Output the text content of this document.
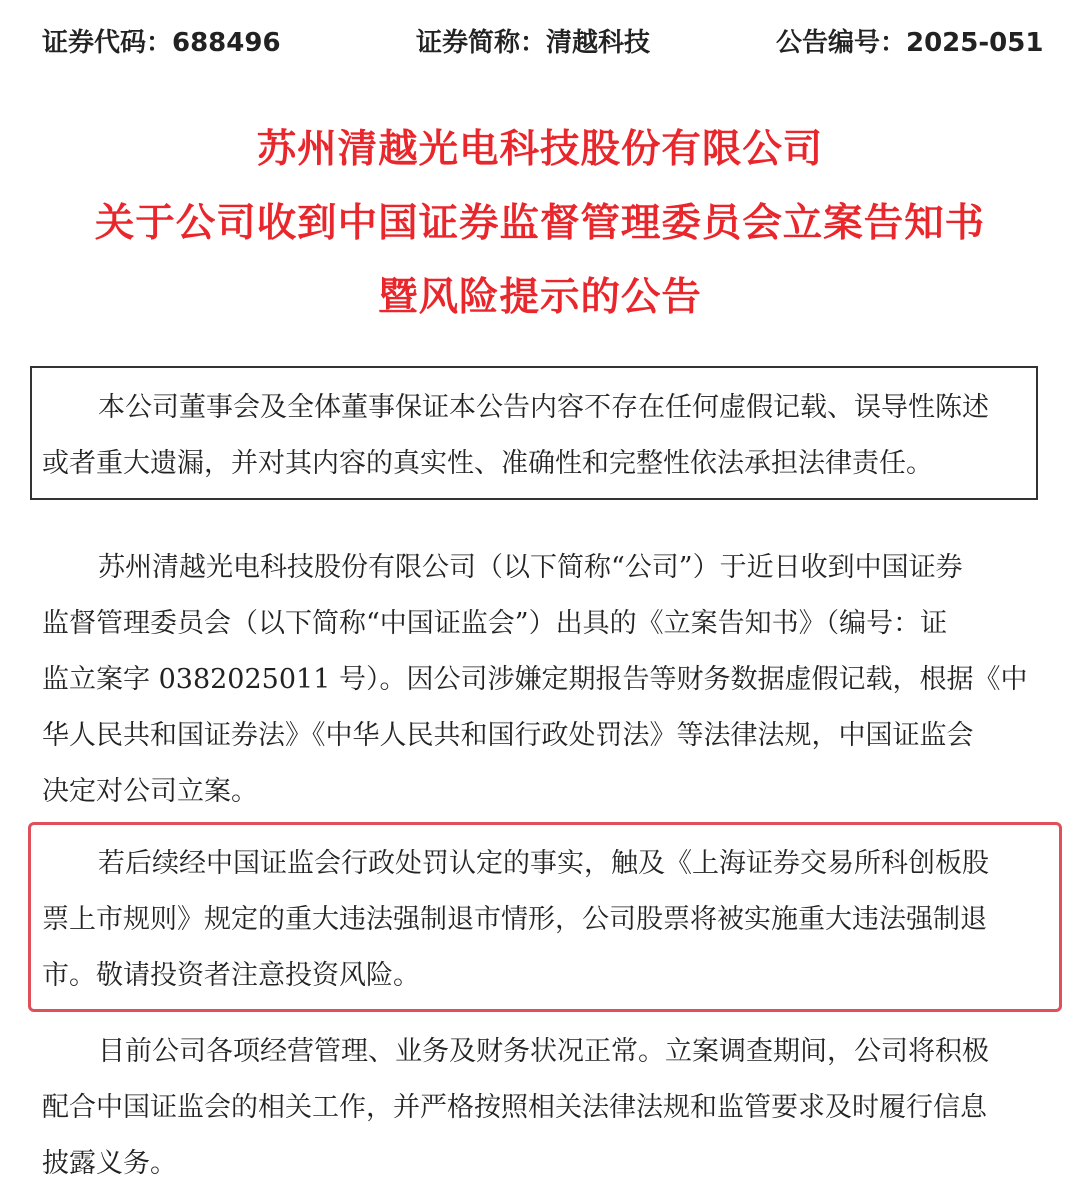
证券代码：688496	证券简称：清越科技	公告编号：2025-051
苏州清越光电科技股份有限公司
关于公司收到中国证券监督管理委员会立案告知书
暨风险提示的公告
本公司董事会及全体董事保证本公告内容不存在任何虚假记载、误导性陈述
或者重大遗漏，并对其内容的真实性、准确性和完整性依法承担法律责任。
苏州清越光电科技股份有限公司（以下简称“公司”）于近日收到中国证券
监督管理委员会（以下简称“中国证监会”）出具的《立案告知书》（编号：证
监立案字 0382025011 号）。因公司涉嫌定期报告等财务数据虚假记载，根据《中
华人民共和国证券法》《中华人民共和国行政处罚法》等法律法规，中国证监会
决定对公司立案。
若后续经中国证监会行政处罚认定的事实，触及《上海证券交易所科创板股
票上市规则》规定的重大违法强制退市情形，公司股票将被实施重大违法强制退
市。敬请投资者注意投资风险。
目前公司各项经营管理、业务及财务状况正常。立案调查期间，公司将积极
配合中国证监会的相关工作，并严格按照相关法律法规和监管要求及时履行信息
披露义务。
